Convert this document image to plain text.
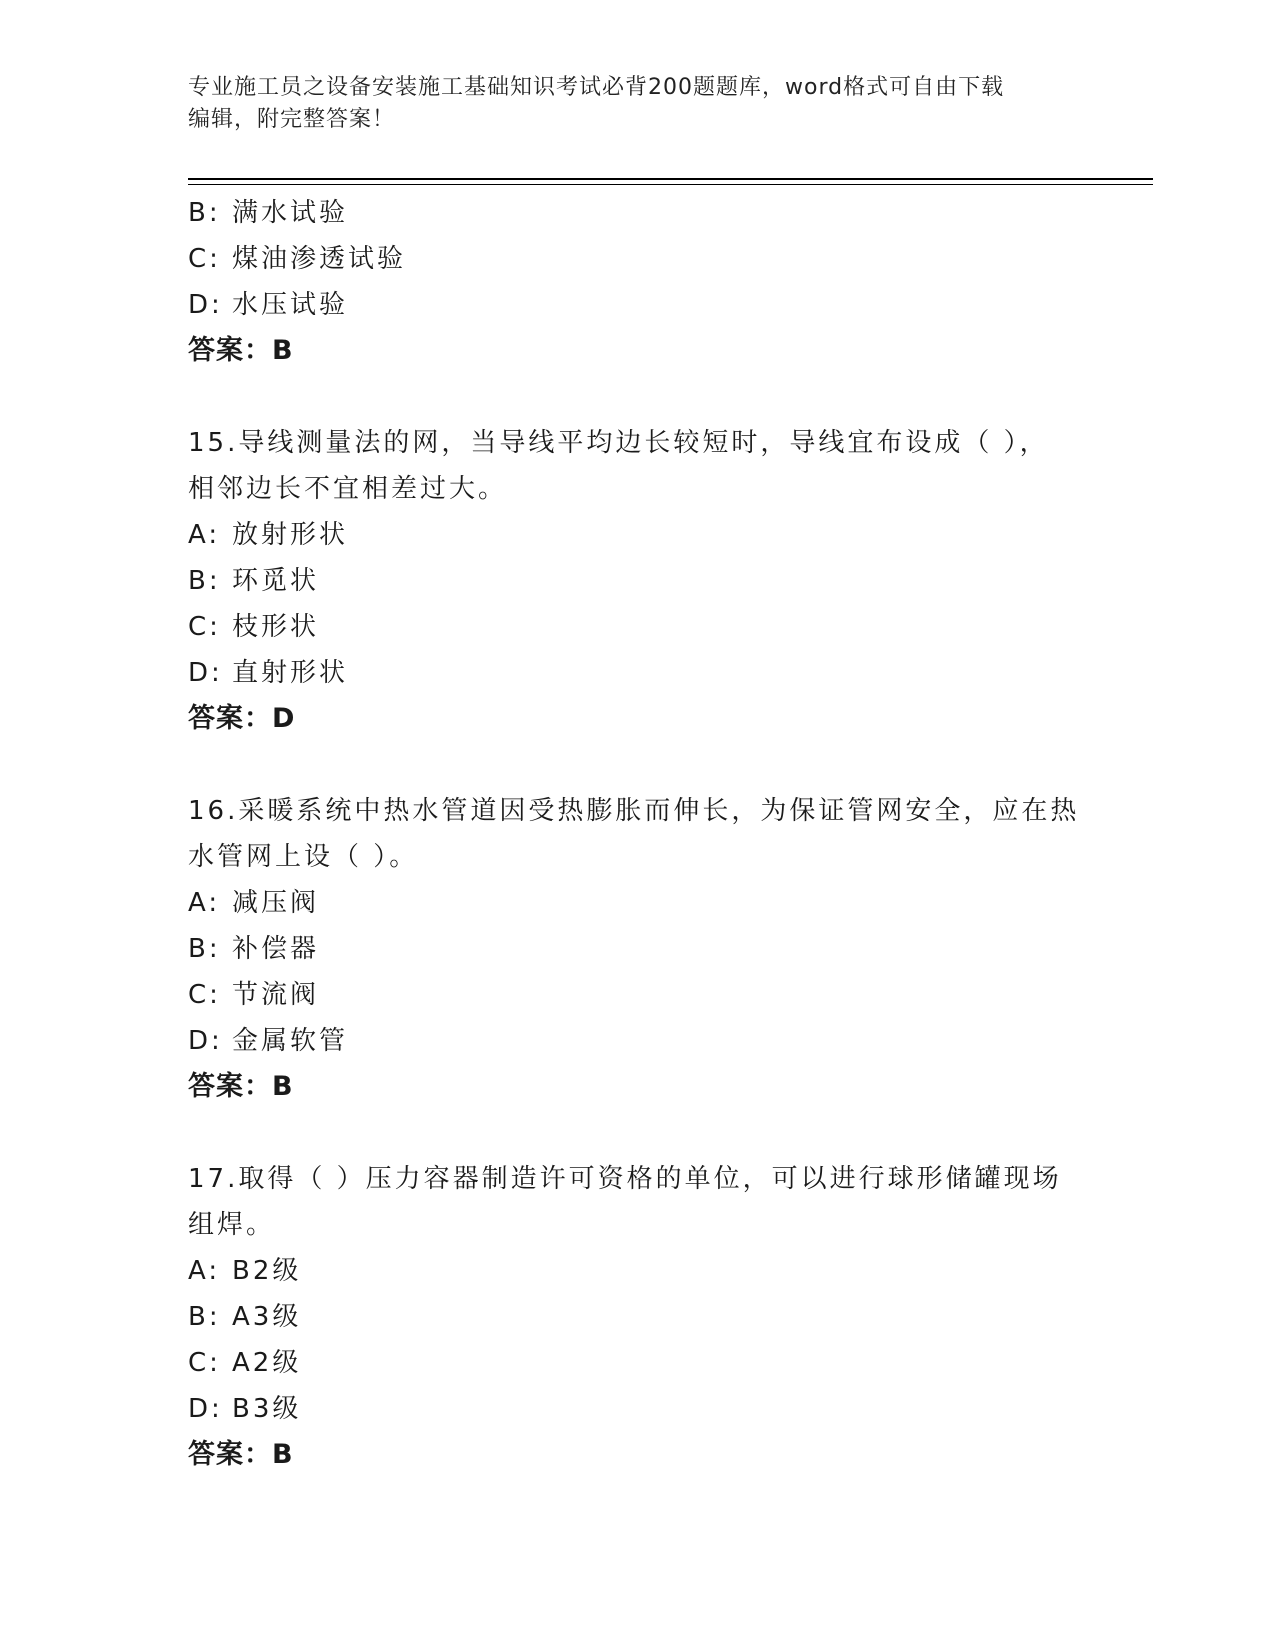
专业施工员之设备安装施工基础知识考试必背200题题库，word格式可自由下载
编辑，附完整答案！
B: 满水试验
C: 煤油渗透试验
D: 水压试验
答案：B
15.导线测量法的网，当导线平均边长较短时，导线宜布设成（ ），
相邻边长不宜相差过大。
A: 放射形状
B: 环觅状
C: 枝形状
D: 直射形状
答案：D
16.采暖系统中热水管道因受热膨胀而伸长，为保证管网安全，应在热
水管网上设（ ）。
A: 减压阀
B: 补偿器
C: 节流阀
D: 金属软管
答案：B
17.取得（ ）压力容器制造许可资格的单位，可以进行球形储罐现场
组焊。
A: B2级
B: A3级
C: A2级
D: B3级
答案：B
